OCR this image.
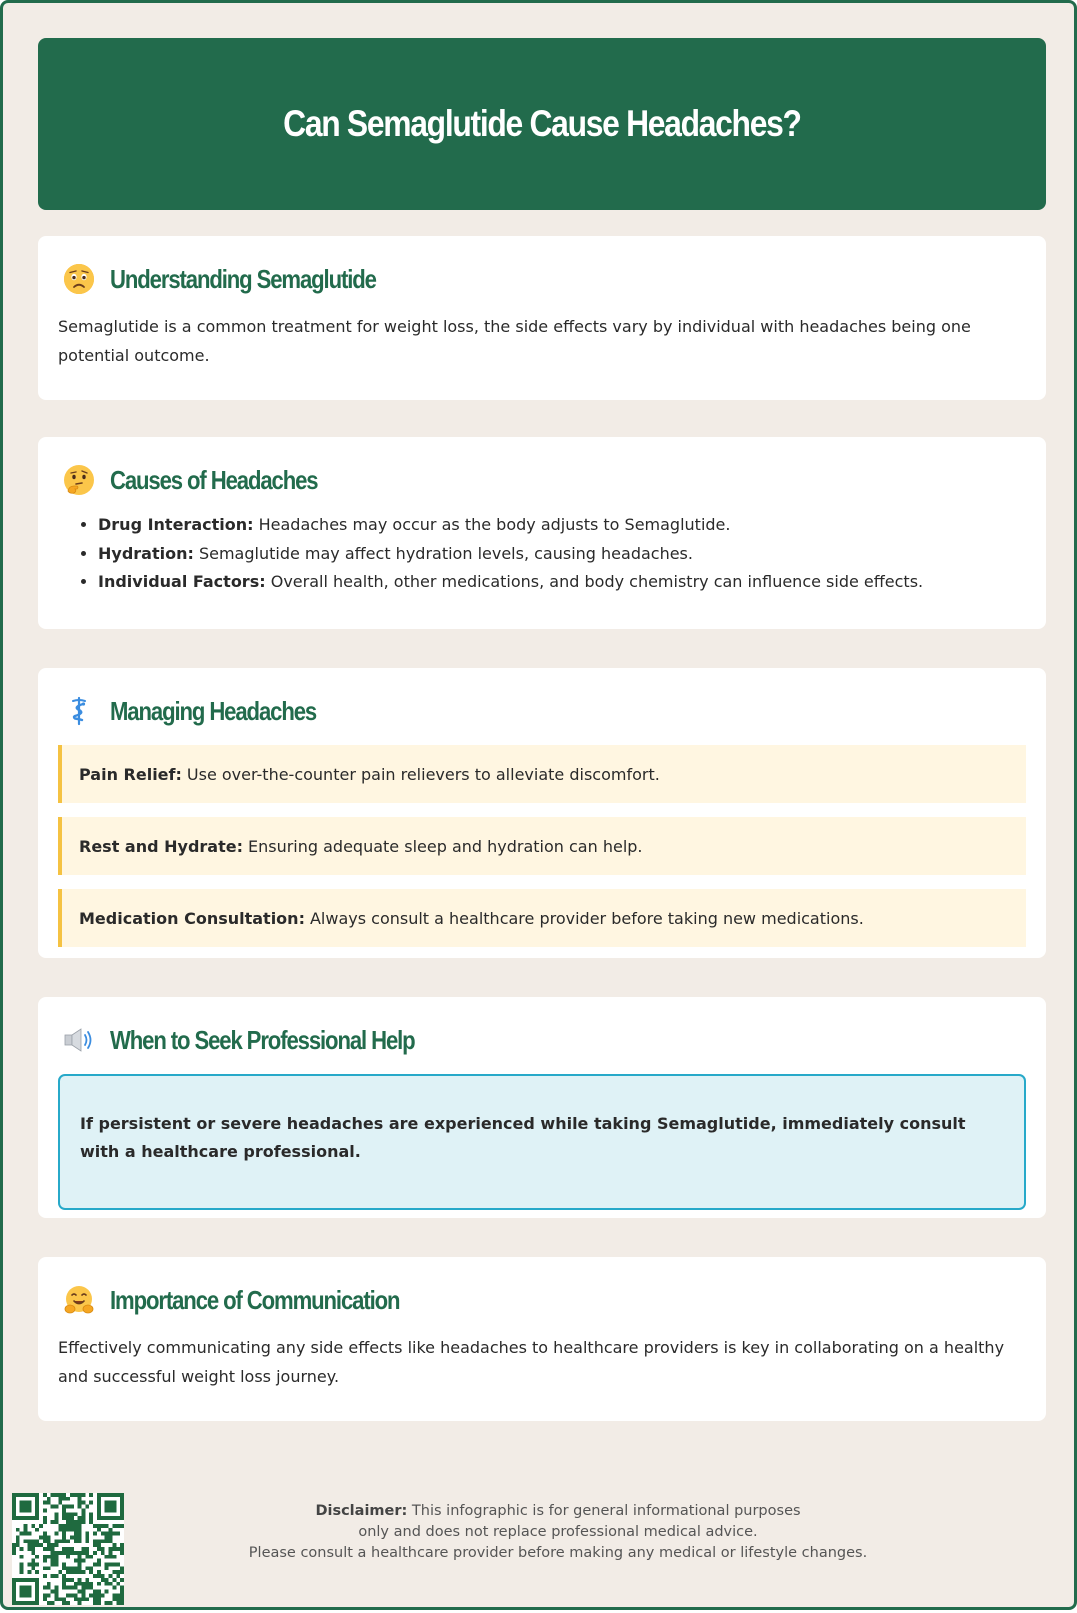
Can Semaglutide Cause Headaches?
Understanding Semaglutide

Semaglutide is a common treatment for weight loss, the side effects vary by individual with headaches being one potential outcome.

Causes of Headaches
• Drug Interaction: Headaches may occur as the body adjusts to Semaglutide.
• Hydration: Semaglutide may affect hydration levels, causing headaches.
• Individual Factors: Overall health, other medications, and body chemistry can influence side effects.
Managing Headaches
Pain Relief: Use over-the-counter pain relievers to alleviate discomfort.
Rest and Hydrate: Ensuring adequate sleep and hydration can help.
Medication Consultation: Always consult a healthcare provider before taking new medications.
When to Seek Professional Help
If persistent or severe headaches are experienced while taking Semaglutide, immediately consult with a healthcare professional.
Importance of Communication

Effectively communicating any side effects like headaches to healthcare providers is key in collaborating on a healthy and successful weight loss journey.

Disclaimer: This infographic is for general informational purposes
only and does not replace professional medical advice.
Please consult a healthcare provider before making any medical or lifestyle changes.
